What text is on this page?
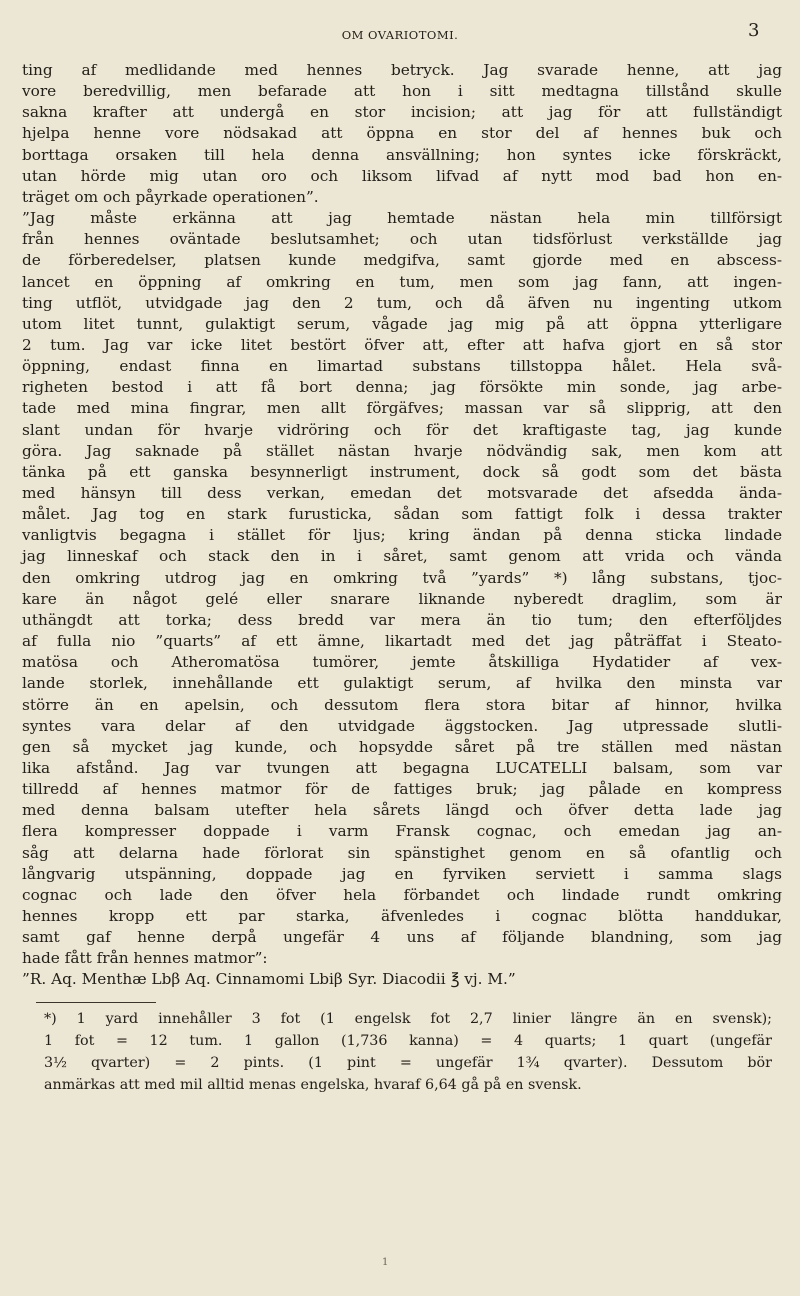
OM OVARIOTOMI.	3
ting af medlidande med hennes betryck. Jag svarade henne, att jag
vore beredvillig, men befarade att hon i sitt medtagna tillstånd skulle
sakna krafter att undergå en stor incision; att jag för att fullständigt
hjelpa henne vore nödsakad att öppna en stor del af hennes buk och
borttaga orsaken till hela denna ansvällning; hon syntes icke förskräckt,
utan hörde mig utan oro och liksom lifvad af nytt mod bad hon en-
träget om och påyrkade operationen”.
”Jag måste erkänna att jag hemtade nästan hela min tillförsigt
från hennes oväntade beslutsamhet; och utan tidsförlust verkställde jag
de förberedelser, platsen kunde medgifva, samt gjorde med en abscess-
lancet en öppning af omkring en tum, men som jag fann, att ingen-
ting utflöt, utvidgade jag den 2 tum, och då äfven nu ingenting utkom
utom litet tunnt, gulaktigt serum, vågade jag mig på att öppna ytterligare
2 tum. Jag var icke litet bestört öfver att, efter att hafva gjort en så stor
öppning, endast finna en limartad substans tillstoppa hålet. Hela svå-
righeten bestod i att få bort denna; jag försökte min sonde, jag arbe-
tade med mina fingrar, men allt förgäfves; massan var så slipprig, att den
slant undan för hvarje vidröring och för det kraftigaste tag, jag kunde
göra. Jag saknade på stället nästan hvarje nödvändig sak, men kom att
tänka på ett ganska besynnerligt instrument, dock så godt som det bästa
med hänsyn till dess verkan, emedan det motsvarade det afsedda ända-
målet. Jag tog en stark furusticka, sådan som fattigt folk i dessa trakter
vanligtvis begagna i stället för ljus; kring ändan på denna sticka lindade
jag linneskaf och stack den in i såret, samt genom att vrida och vända
den omkring utdrog jag en omkring två ”yards” *) lång substans, tjoc-
kare än något gelé eller snarare liknande nyberedt draglim, som är
uthängdt att torka; dess bredd var mera än tio tum; den efterföljdes
af fulla nio ”quarts” af ett ämne, likartadt med det jag påträffat i Steato-
matösa och Atheromatösa tumörer, jemte åtskilliga Hydatider af vex-
lande storlek, innehållande ett gulaktigt serum, af hvilka den minsta var
större än en apelsin, och dessutom flera stora bitar af hinnor, hvilka
syntes vara delar af den utvidgade äggstocken. Jag utpressade slutli-
gen så mycket jag kunde, och hopsydde såret på tre ställen med nästan
lika afstånd. Jag var tvungen att begagna LUCATELLI balsam, som var
tillredd af hennes matmor för de fattiges bruk; jag pålade en kompress
med denna balsam utefter hela sårets längd och öfver detta lade jag
flera kompresser doppade i varm Fransk cognac, och emedan jag an-
såg att delarna hade förlorat sin spänstighet genom en så ofantlig och
långvarig utspänning, doppade jag en fyrviken serviett i samma slags
cognac och lade den öfver hela förbandet och lindade rundt omkring
hennes kropp ett par starka, äfvenledes i cognac blötta handdukar,
samt gaf henne derpå ungefär 4 uns af följande blandning, som jag
hade fått från hennes matmor”:
”R. Aq. Menthæ Lbβ Aq. Cinnamomi Lbiβ Syr. Diacodii ℥ vj. M.”
*) 1 yard innehåller 3 fot (1 engelsk fot 2,7 linier längre än en svensk);
1 fot = 12 tum. 1 gallon (1,736 kanna) = 4 quarts; 1 quart (ungefär
3½ qvarter) = 2 pints. (1 pint = ungefär 1¾ qvarter). Dessutom bör
anmärkas att med mil alltid menas engelska, hvaraf 6,64 gå på en svensk.
1
